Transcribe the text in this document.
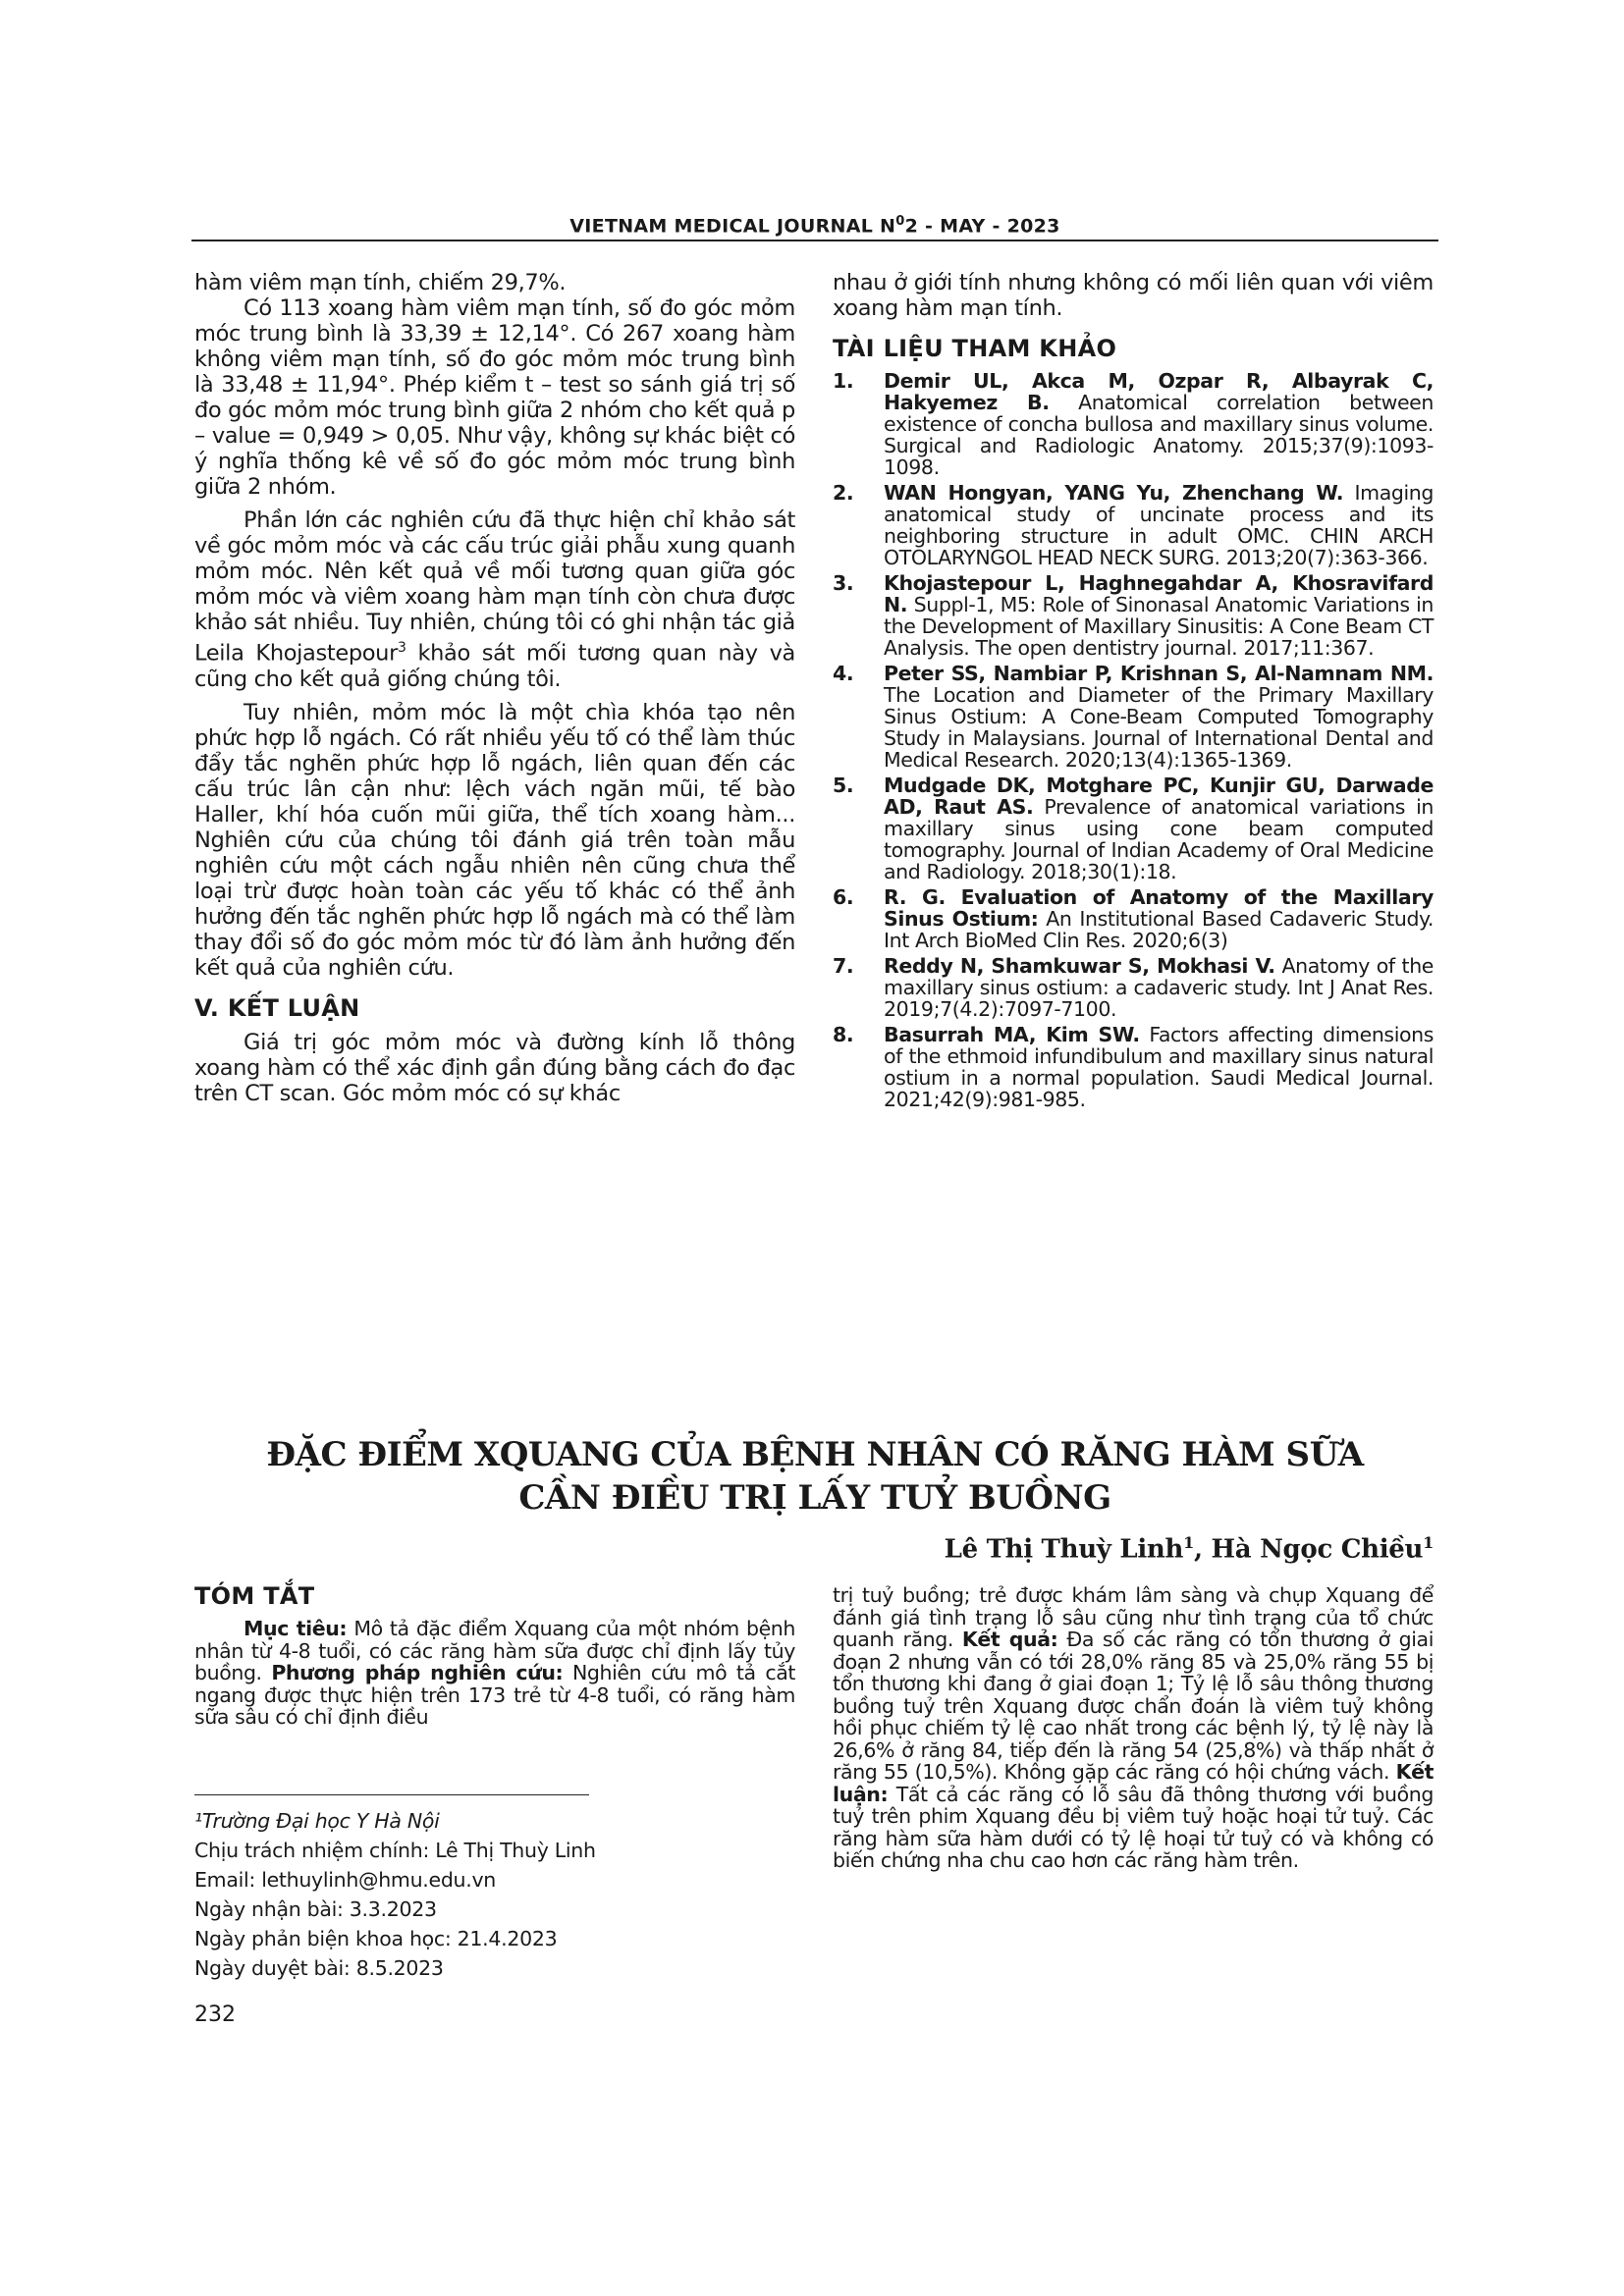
VIETNAM MEDICAL JOURNAL $N^02$ - MAY - 2023

hàm viêm mạn tính, chiếm 29,7%.

Có 113 xoang hàm viêm mạn tính, số đo góc mỏm móc trung bình là 33,39 ± 12,14°. Có 267 xoang hàm không viêm mạn tính, số đo góc mỏm móc trung bình là 33,48 ± 11,94°. Phép kiểm t – test so sánh giá trị số đo góc mỏm móc trung bình giữa 2 nhóm cho kết quả p – value = 0,949 > 0,05. Như vậy, không sự khác biệt có ý nghĩa thống kê về số đo góc mỏm móc trung bình giữa 2 nhóm.

Phần lớn các nghiên cứu đã thực hiện chỉ khảo sát về góc mỏm móc và các cấu trúc giải phẫu xung quanh mỏm móc. Nên kết quả về mối tương quan giữa góc mỏm móc và viêm xoang hàm mạn tính còn chưa được khảo sát nhiều. Tuy nhiên, chúng tôi có ghi nhận tác giả Leila Khojastepour$^3$ khảo sát mối tương quan này và cũng cho kết quả giống chúng tôi.

Tuy nhiên, mỏm móc là một chìa khóa tạo nên phức hợp lỗ ngách. Có rất nhiều yếu tố có thể làm thúc đẩy tắc nghẽn phức hợp lỗ ngách, liên quan đến các cấu trúc lân cận như: lệch vách ngăn mũi, tế bào Haller, khí hóa cuốn mũi giữa, thể tích xoang hàm... Nghiên cứu của chúng tôi đánh giá trên toàn mẫu nghiên cứu một cách ngẫu nhiên nên cũng chưa thể loại trừ được hoàn toàn các yếu tố khác có thể ảnh hưởng đến tắc nghẽn phức hợp lỗ ngách mà có thể làm thay đổi số đo góc mỏm móc từ đó làm ảnh hưởng đến kết quả của nghiên cứu.

V. KẾT LUẬN

Giá trị góc mỏm móc và đường kính lỗ thông xoang hàm có thể xác định gần đúng bằng cách đo đạc trên CT scan. Góc mỏm móc có sự khác

nhau ở giới tính nhưng không có mối liên quan với viêm xoang hàm mạn tính.

TÀI LIỆU THAM KHẢO
1. Demir UL, Akca M, Ozpar R, Albayrak C, Hakyemez B. Anatomical correlation between existence of concha bullosa and maxillary sinus volume. Surgical and Radiologic Anatomy. 2015;37(9):1093-1098.
2. WAN Hongyan, YANG Yu, Zhenchang W. Imaging anatomical study of uncinate process and its neighboring structure in adult OMC. CHIN ARCH OTOLARYNGOL HEAD NECK SURG. 2013;20(7):363-366.
3. Khojastepour L, Haghnegahdar A, Khosravifard N. Suppl-1, M5: Role of Sinonasal Anatomic Variations in the Development of Maxillary Sinusitis: A Cone Beam CT Analysis. The open dentistry journal. 2017;11:367.
4. Peter SS, Nambiar P, Krishnan S, Al-Namnam NM. The Location and Diameter of the Primary Maxillary Sinus Ostium: A Cone-Beam Computed Tomography Study in Malaysians. Journal of International Dental and Medical Research. 2020;13(4):1365-1369.
5. Mudgade DK, Motghare PC, Kunjir GU, Darwade AD, Raut AS. Prevalence of anatomical variations in maxillary sinus using cone beam computed tomography. Journal of Indian Academy of Oral Medicine and Radiology. 2018;30(1):18.
6. R. G. Evaluation of Anatomy of the Maxillary Sinus Ostium: An Institutional Based Cadaveric Study. Int Arch BioMed Clin Res. 2020;6(3)
7. Reddy N, Shamkuwar S, Mokhasi V. Anatomy of the maxillary sinus ostium: a cadaveric study. Int J Anat Res. 2019;7(4.2):7097-7100.
8. Basurrah MA, Kim SW. Factors affecting dimensions of the ethmoid infundibulum and maxillary sinus natural ostium in a normal population. Saudi Medical Journal. 2021;42(9):981-985.
ĐẶC ĐIỂM XQUANG CỦA BỆNH NHÂN CÓ RĂNG HÀM SỮA
CẦN ĐIỀU TRỊ LẤY TUỶ BUỒNG
Lê Thị Thuỳ Linh$^1$, Hà Ngọc Chiều$^1$
TÓM TẮT

Mục tiêu: Mô tả đặc điểm Xquang của một nhóm bệnh nhân từ 4-8 tuổi, có các răng hàm sữa được chỉ định lấy tủy buồng. Phương pháp nghiên cứu: Nghiên cứu mô tả cắt ngang được thực hiện trên 173 trẻ từ 4-8 tuổi, có răng hàm sữa sâu có chỉ định điều

trị tuỷ buồng; trẻ được khám lâm sàng và chụp Xquang để đánh giá tình trạng lỗ sâu cũng như tình trạng của tổ chức quanh răng. Kết quả: Đa số các răng có tổn thương ở giai đoạn 2 nhưng vẫn có tới 28,0% răng 85 và 25,0% răng 55 bị tổn thương khi đang ở giai đoạn 1; Tỷ lệ lỗ sâu thông thương buồng tuỷ trên Xquang được chẩn đoán là viêm tuỷ không hồi phục chiếm tỷ lệ cao nhất trong các bệnh lý, tỷ lệ này là 26,6% ở răng 84, tiếp đến là răng 54 (25,8%) và thấp nhất ở răng 55 (10,5%). Không gặp các răng có hội chứng vách. Kết luận: Tất cả các răng có lỗ sâu đã thông thương với buồng tuỷ trên phim Xquang đều bị viêm tuỷ hoặc hoại tử tuỷ. Các răng hàm sữa hàm dưới có tỷ lệ hoại tử tuỷ có và không có biến chứng nha chu cao hơn các răng hàm trên.

¹Trường Đại học Y Hà Nội
Chịu trách nhiệm chính: Lê Thị Thuỳ Linh
Email: lethuylinh@hmu.edu.vn
Ngày nhận bài: 3.3.2023
Ngày phản biện khoa học: 21.4.2023
Ngày duyệt bài: 8.5.2023
232
